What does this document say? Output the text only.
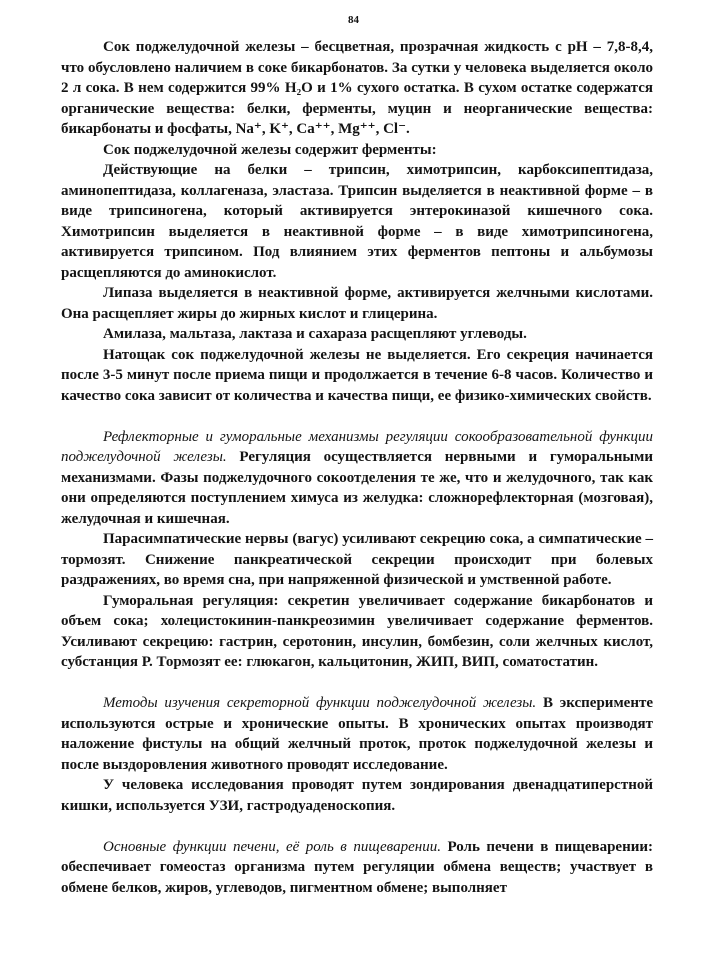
84

Сок поджелудочной железы – бесцветная, прозрачная жидкость с pH – 7,8-8,4, что обусловлено наличием в соке бикарбонатов. За сутки у человека выделяется около 2 л сока. В нем содержится 99% H₂O и 1% сухого остатка. В сухом остатке содержатся органические вещества: белки, ферменты, муцин и неорганические вещества: бикарбонаты и фосфаты, Na⁺, K⁺, Ca⁺⁺, Mg⁺⁺, Cl⁻.

Сок поджелудочной железы содержит ферменты:

Действующие на белки – трипсин, химотрипсин, карбоксипептидаза, аминопептидаза, коллагеназа, эластаза. Трипсин выделяется в неактивной форме – в виде трипсиногена, который активируется энтерокиназой кишечного сока. Химотрипсин выделяется в неактивной форме – в виде химотрипсиногена, активируется трипсином. Под влиянием этих ферментов пептоны и альбумозы расщепляются до аминокислот.

Липаза выделяется в неактивной форме, активируется желчными кислотами. Она расщепляет жиры до жирных кислот и глицерина.

Амилаза, мальтаза, лактаза и сахараза расщепляют углеводы.

Натощак сок поджелудочной железы не выделяется. Его секреция начинается после 3-5 минут после приема пищи и продолжается в течение 6-8 часов. Количество и качество сока зависит от количества и качества пищи, ее физико-химических свойств.

Рефлекторные и гуморальные механизмы регуляции сокообразовательной функции поджелудочной железы. Регуляция осуществляется нервными и гуморальными механизмами. Фазы поджелудочного сокоотделения те же, что и желудочного, так как они определяются поступлением химуса из желудка: сложнорефлекторная (мозговая), желудочная и кишечная.

Парасимпатические нервы (вагус) усиливают секрецию сока, а симпатические – тормозят. Снижение панкреатической секреции происходит при болевых раздражениях, во время сна, при напряженной физической и умственной работе.

Гуморальная регуляция: секретин увеличивает содержание бикарбонатов и объем сока; холецистокинин-панкреозимин увеличивает содержание ферментов. Усиливают секрецию: гастрин, серотонин, инсулин, бомбезин, соли желчных кислот, субстанция Р. Тормозят ее: глюкагон, кальцитонин, ЖИП, ВИП, соматостатин.

Методы изучения секреторной функции поджелудочной железы. В эксперименте используются острые и хронические опыты. В хронических опытах производят наложение фистулы на общий желчный проток, проток поджелудочной железы и после выздоровления животного проводят исследование.

У человека исследования проводят путем зондирования двенадцатиперстной кишки, используется УЗИ, гастродуаденоскопия.

Основные функции печени, её роль в пищеварении. Роль печени в пищеварении: обеспечивает гомеостаз организма путем регуляции обмена веществ; участвует в обмене белков, жиров, углеводов, пигментном обмене; выполняет
